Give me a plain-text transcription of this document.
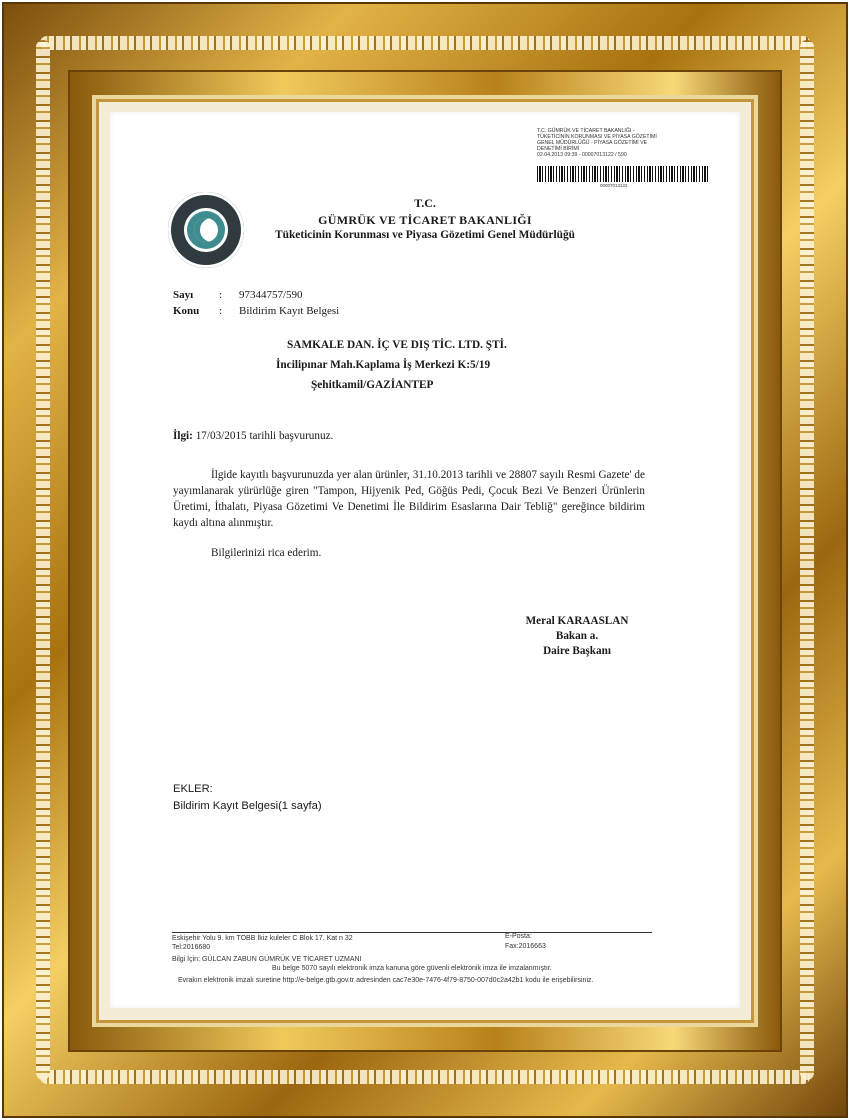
T.C. GÜMRÜK VE TİCARET BAKANLIĞI -
TÜKETİCİNİN KORUNMASI VE PİYASA GÖZETİMİ
GENEL MÜDÜRLÜĞÜ - PİYASA GÖZETİMİ VE
DENETİMİ BİRİMİ
02.04.2013 09:39 - 00007013122 / 590
00007013122
T.C.
GÜMRÜK VE TİCARET BAKANLIĞI
Tüketicinin Korunması ve Piyasa Gözetimi Genel Müdürlüğü
Sayı : 97344757/590
Konu : Bildirim Kayıt Belgesi
SAMKALE DAN. İÇ VE DIŞ TİC. LTD. ŞTİ.
İncilipınar Mah.Kaplama İş Merkezi K:5/19
Şehitkamil/GAZİANTEP
İlgi: 17/03/2015 tarihli başvurunuz.
İlgide kayıtlı başvurunuzda yer alan ürünler, 31.10.2013 tarihli ve 28807 sayılı Resmi Gazete' de yayımlanarak yürürlüğe giren "Tampon, Hijyenik Ped, Göğüs Pedi, Çocuk Bezi Ve Benzeri Ürünlerin Üretimi, İthalatı, Piyasa Gözetimi Ve Denetimi İle Bildirim Esaslarına Dair Tebliğ" gereğince bildirim kaydı altına alınmıştır.
Bilgilerinizi rica ederim.
Meral KARAASLAN
Bakan a.
Daire Başkanı
EKLER:
Bildirim Kayıt Belgesi(1 sayfa)
Eskişehir Yolu 9. km TOBB İkiz kuleler C Blok 17. Kat n 32
Tel:2016680
E-Posta:
Fax:2016663
Bilgi İçin: GÜLCAN ZABUN GÜMRÜK VE TİCARET UZMANI
Bu belge 5070 sayılı elektronik imza kanuna göre güvenli elektronik imza ile imzalanmıştır.
Evrakın elektronik imzalı suretine http://e-belge.gtb.gov.tr adresinden cac7e30e-7476-4f79-8750-007d0c2a42b1 kodu ile erişebilirsiniz.
